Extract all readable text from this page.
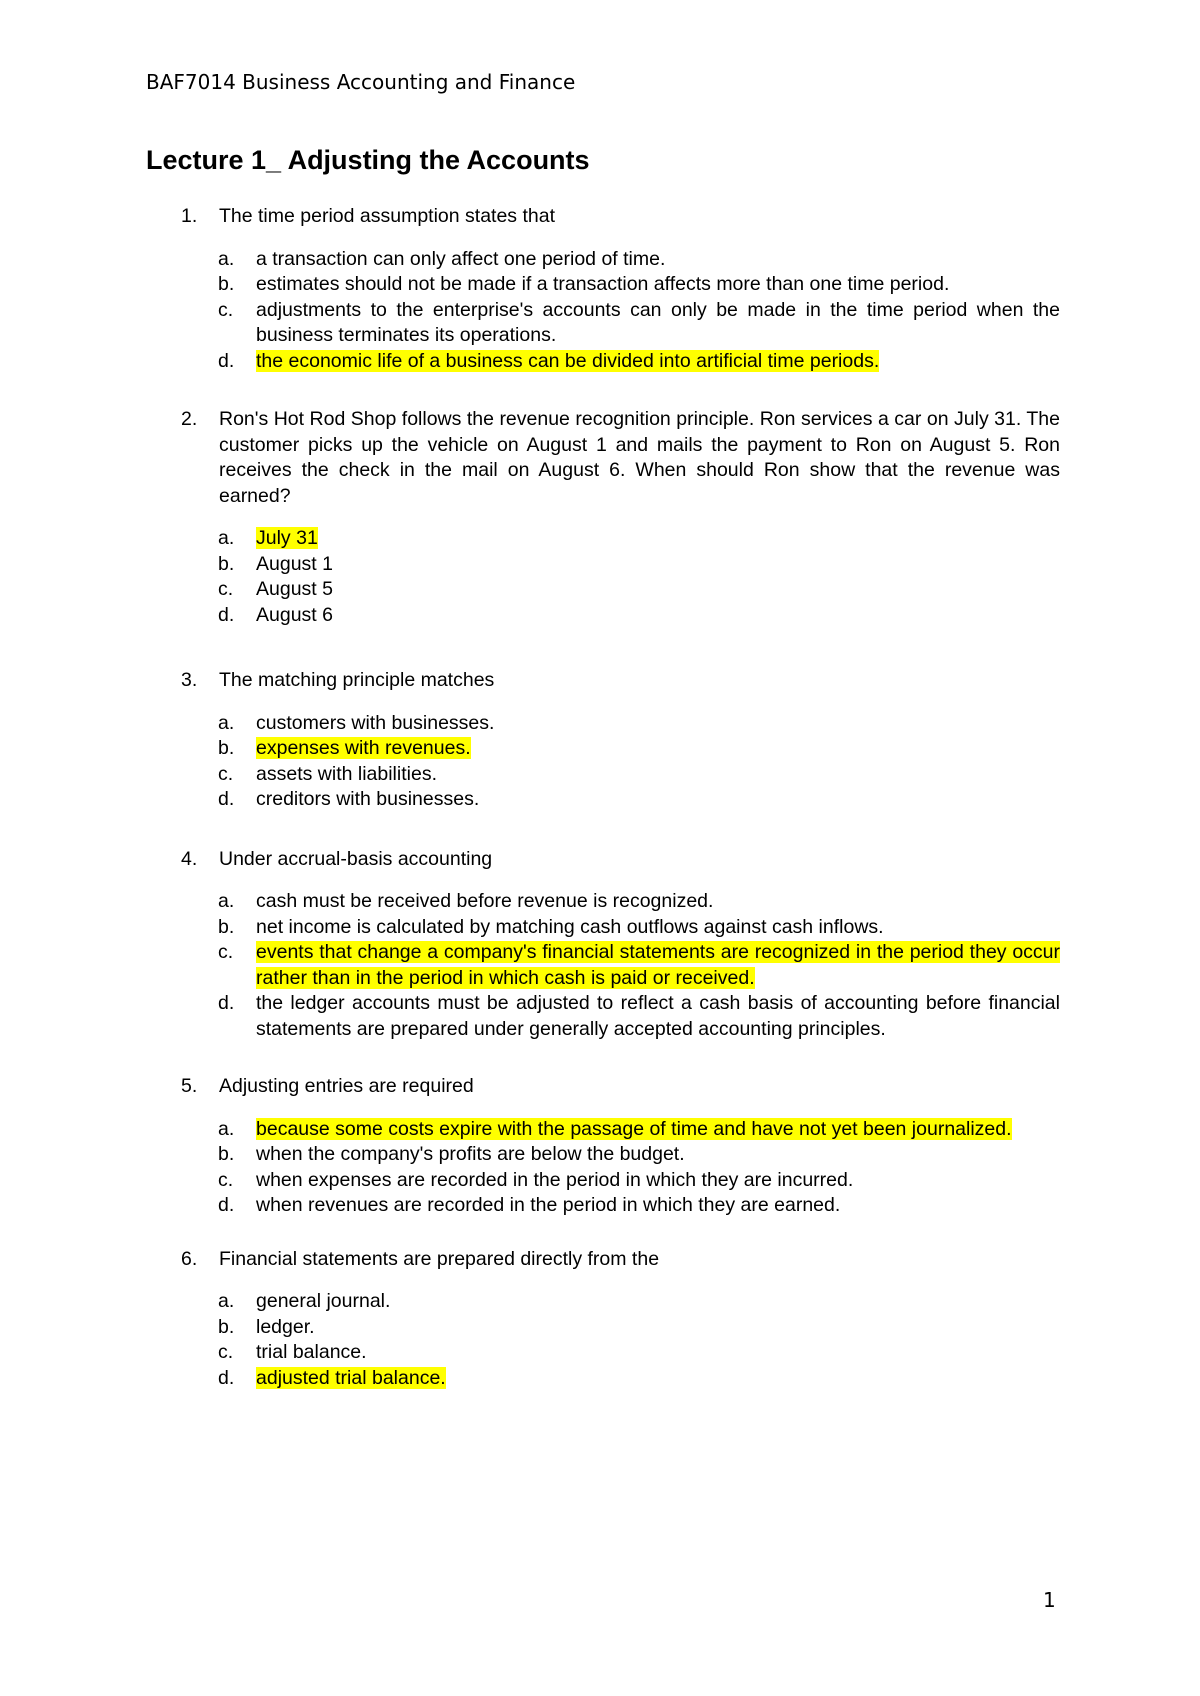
BAF7014 Business Accounting and Finance
Lecture 1_ Adjusting the Accounts
1. The time period assumption states that
a. a transaction can only affect one period of time.
b. estimates should not be made if a transaction affects more than one time period.
c. adjustments to the enterprise's accounts can only be made in the time period when the business terminates its operations.
d. the economic life of a business can be divided into artificial time periods.
2. Ron's Hot Rod Shop follows the revenue recognition principle. Ron services a car on July 31. The customer picks up the vehicle on August 1 and mails the payment to Ron on August 5. Ron receives the check in the mail on August 6. When should Ron show that the revenue was earned?
a. July 31
b. August 1
c. August 5
d. August 6
3. The matching principle matches
a. customers with businesses.
b. expenses with revenues.
c. assets with liabilities.
d. creditors with businesses.
4. Under accrual-basis accounting
a. cash must be received before revenue is recognized.
b. net income is calculated by matching cash outflows against cash inflows.
c. events that change a company's financial statements are recognized in the period they occur rather than in the period in which cash is paid or received.
d. the ledger accounts must be adjusted to reflect a cash basis of accounting before financial statements are prepared under generally accepted accounting principles.
5. Adjusting entries are required
a. because some costs expire with the passage of time and have not yet been journalized.
b. when the company's profits are below the budget.
c. when expenses are recorded in the period in which they are incurred.
d. when revenues are recorded in the period in which they are earned.
6. Financial statements are prepared directly from the
a. general journal.
b. ledger.
c. trial balance.
d. adjusted trial balance.
1
